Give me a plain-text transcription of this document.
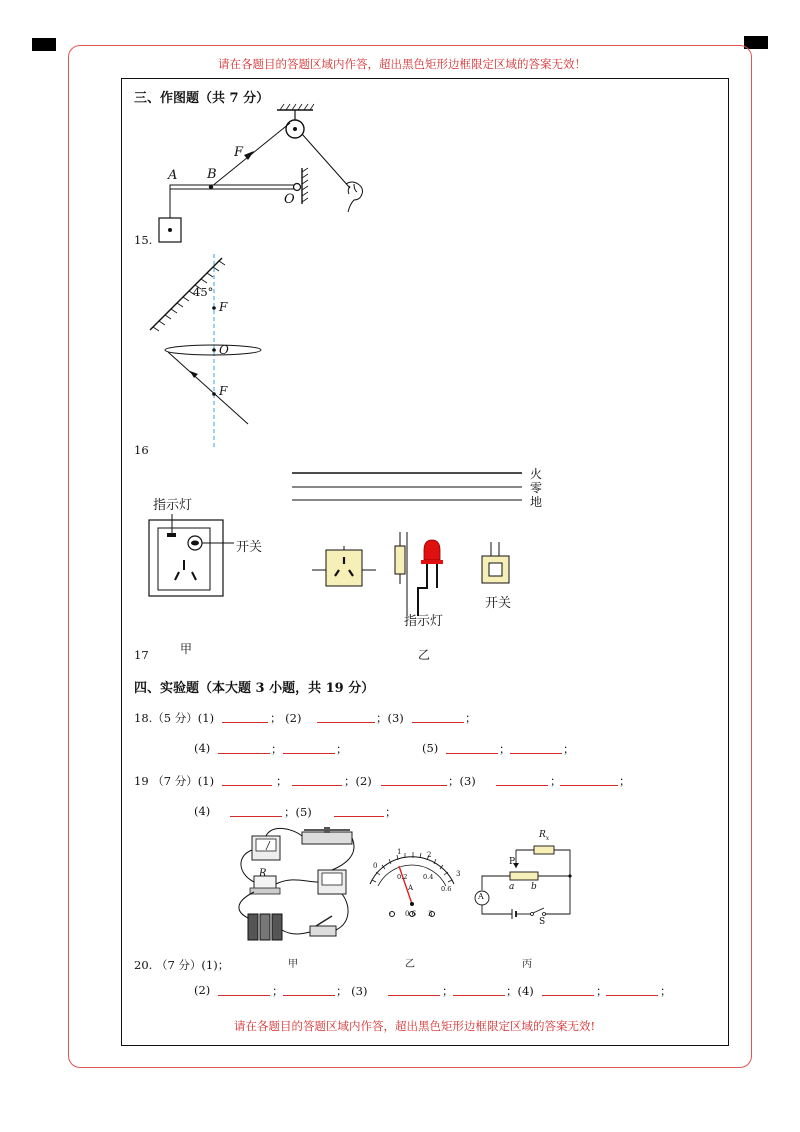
请在各题目的答题区域内作答，超出黑色矩形边框限定区域的答案无效！
三、作图题（共 7 分）
A B
F
O
15.
45°
F
O
F
16
火
零
地
指示灯
开关
指示灯
开关
17	甲	乙
四、实验题（本大题 3 小题，共 19 分）
18.（5 分）(1)	； (2)	；(3)	；
(4)	；	；	(5)	；	；
19 （7 分）(1)	；	；(2)	；(3)	；	；
(4)	；(5)	；
R
1	2
0
3
0.2 0.4
0.6
A
- 0.6 3
$R_x$
P
a b
A
S
甲	乙	丙
20. （7 分）(1)；
(2)	；	； (3)	；	；(4)	；	；
请在各题目的答题区域内作答，超出黑色矩形边框限定区域的答案无效!
